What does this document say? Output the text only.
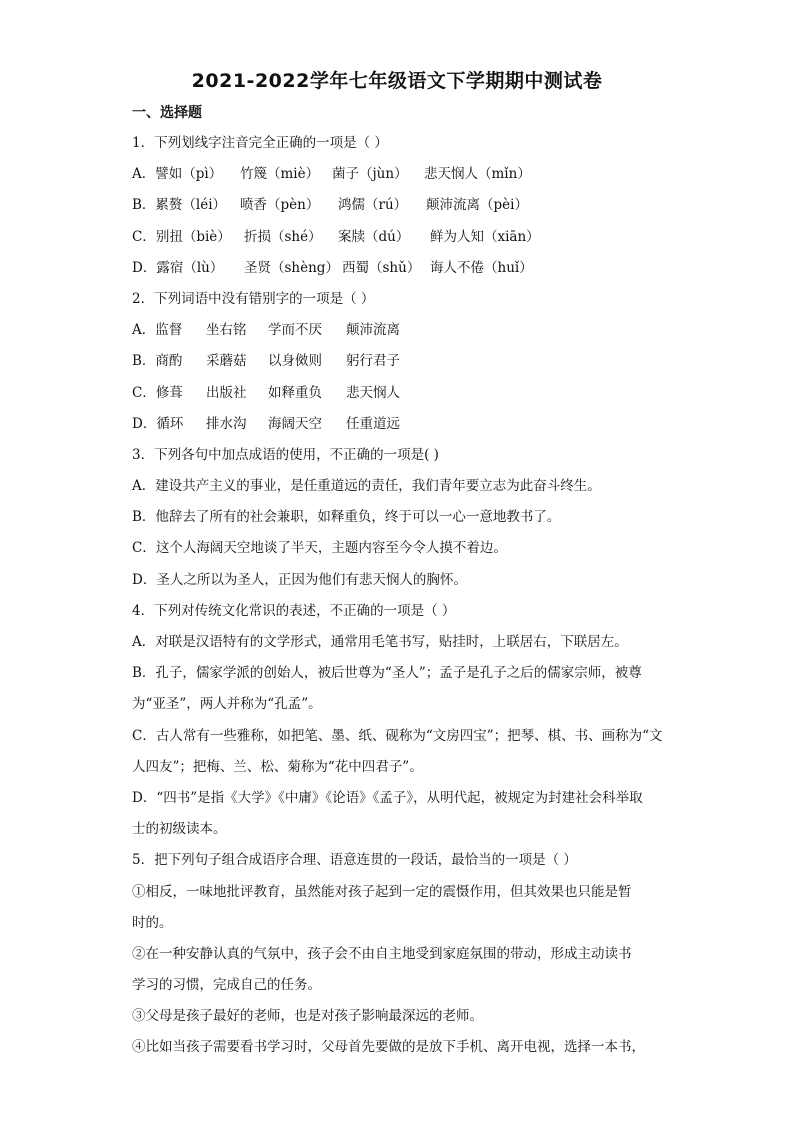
2021-2022学年七年级语文下学期期中测试卷
一、选择题
1．下列划线字注音完全正确的一项是（ ）
A．譬如（pì）	竹篾（miè） 菌子（jùn）	悲天悯人（mǐn）
B．累赘（léi）	喷香（pèn）	鸿儒（rú）	颠沛流离（pèi）
C．别扭（biè） 折损（shé）	案牍（dú）	鲜为人知（xiān）
D．露宿（lù）	圣贤（shèng） 西蜀（shǔ） 诲人不倦（huǐ）
2．下列词语中没有错别字的一项是（ ）
A．监督	坐右铭	学而不厌	颠沛流离
B．商酌	采蘑菇	以身傚则	躬行君子
C．修葺	出版社	如释重负	悲天悯人
D．循环	排水沟	海阔天空	任重道远
3．下列各句中加点成语的使用，不正确的一项是( )
A．建设共产主义的事业，是任重道远的责任，我们青年要立志为此奋斗终生。
B．他辞去了所有的社会兼职，如释重负，终于可以一心一意地教书了。
C．这个人海阔天空地谈了半天，主题内容至今令人摸不着边。
D．圣人之所以为圣人，正因为他们有悲天悯人的胸怀。
4．下列对传统文化常识的表述，不正确的一项是（ ）
A．对联是汉语特有的文学形式，通常用毛笔书写，贴挂时，上联居右，下联居左。
B．孔子，儒家学派的创始人，被后世尊为“圣人”；孟子是孔子之后的儒家宗师，被尊
为“亚圣”，两人并称为“孔孟”。
C．古人常有一些雅称，如把笔、墨、纸、砚称为“文房四宝”；把琴、棋、书、画称为“文
人四友”；把梅、兰、松、菊称为“花中四君子”。
D．“四书”是指《大学》《中庸》《论语》《孟子》，从明代起，被规定为封建社会科举取
士的初级读本。
5．把下列句子组合成语序合理、语意连贯的一段话，最恰当的一项是（ ）
①相反，一味地批评教育，虽然能对孩子起到一定的震慑作用，但其效果也只能是暂
时的。
②在一种安静认真的气氛中，孩子会不由自主地受到家庭氛围的带动，形成主动读书
学习的习惯，完成自己的任务。
③父母是孩子最好的老师，也是对孩子影响最深远的老师。
④比如当孩子需要看书学习时，父母首先要做的是放下手机、离开电视，选择一本书，
